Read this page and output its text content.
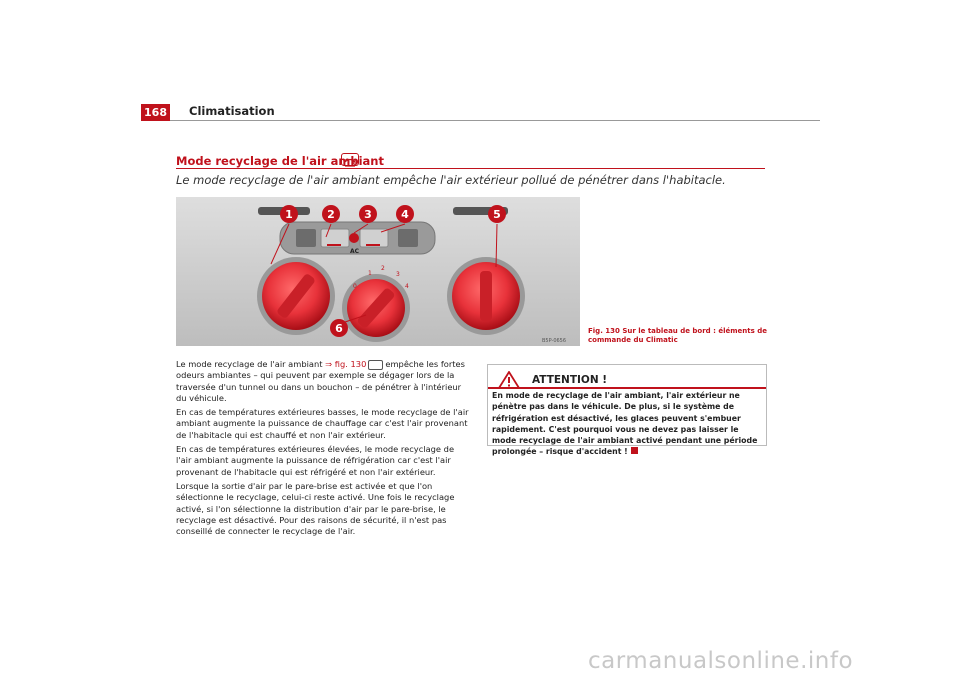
168 Climatisation
Mode recyclage de l'air ambiant
Le mode recyclage de l'air ambiant empêche l'air extérieur pollué de pénétrer dans l'habitacle.
AC
0
1
2
3
4
1	2	3	4	5
6
B5P-0656
Fig. 130 Sur le tableau de bord : éléments de commande du Climatic

Le mode recyclage de l'air ambiant ⇒ fig. 130 empêche les fortes odeurs ambiantes – qui peuvent par exemple se dégager lors de la traversée d'un tunnel ou dans un bouchon – de pénétrer à l'intérieur du véhicule.

En cas de températures extérieures basses, le mode recyclage de l'air ambiant augmente la puissance de chauffage car c'est l'air provenant de l'habitacle qui est chauffé et non l'air extérieur.

En cas de températures extérieures élevées, le mode recyclage de l'air ambiant augmente la puissance de réfrigération car c'est l'air provenant de l'habitacle qui est réfrigéré et non l'air extérieur.

Lorsque la sortie d'air par le pare-brise est activée et que l'on sélectionne le recyclage, celui-ci reste activé. Une fois le recyclage activé, si l'on sélectionne la distribution d'air par le pare-brise, le recyclage est désactivé. Pour des raisons de sécurité, il n'est pas conseillé de connecter le recyclage de l'air.

ATTENTION !
En mode de recyclage de l'air ambiant, l'air extérieur ne pénètre pas dans le véhicule. De plus, si le système de réfrigération est désactivé, les glaces peuvent s'embuer rapidement. C'est pourquoi vous ne devez pas laisser le mode recyclage de l'air ambiant activé pendant une période prolongée – risque d'accident !
carmanualsonline.info
